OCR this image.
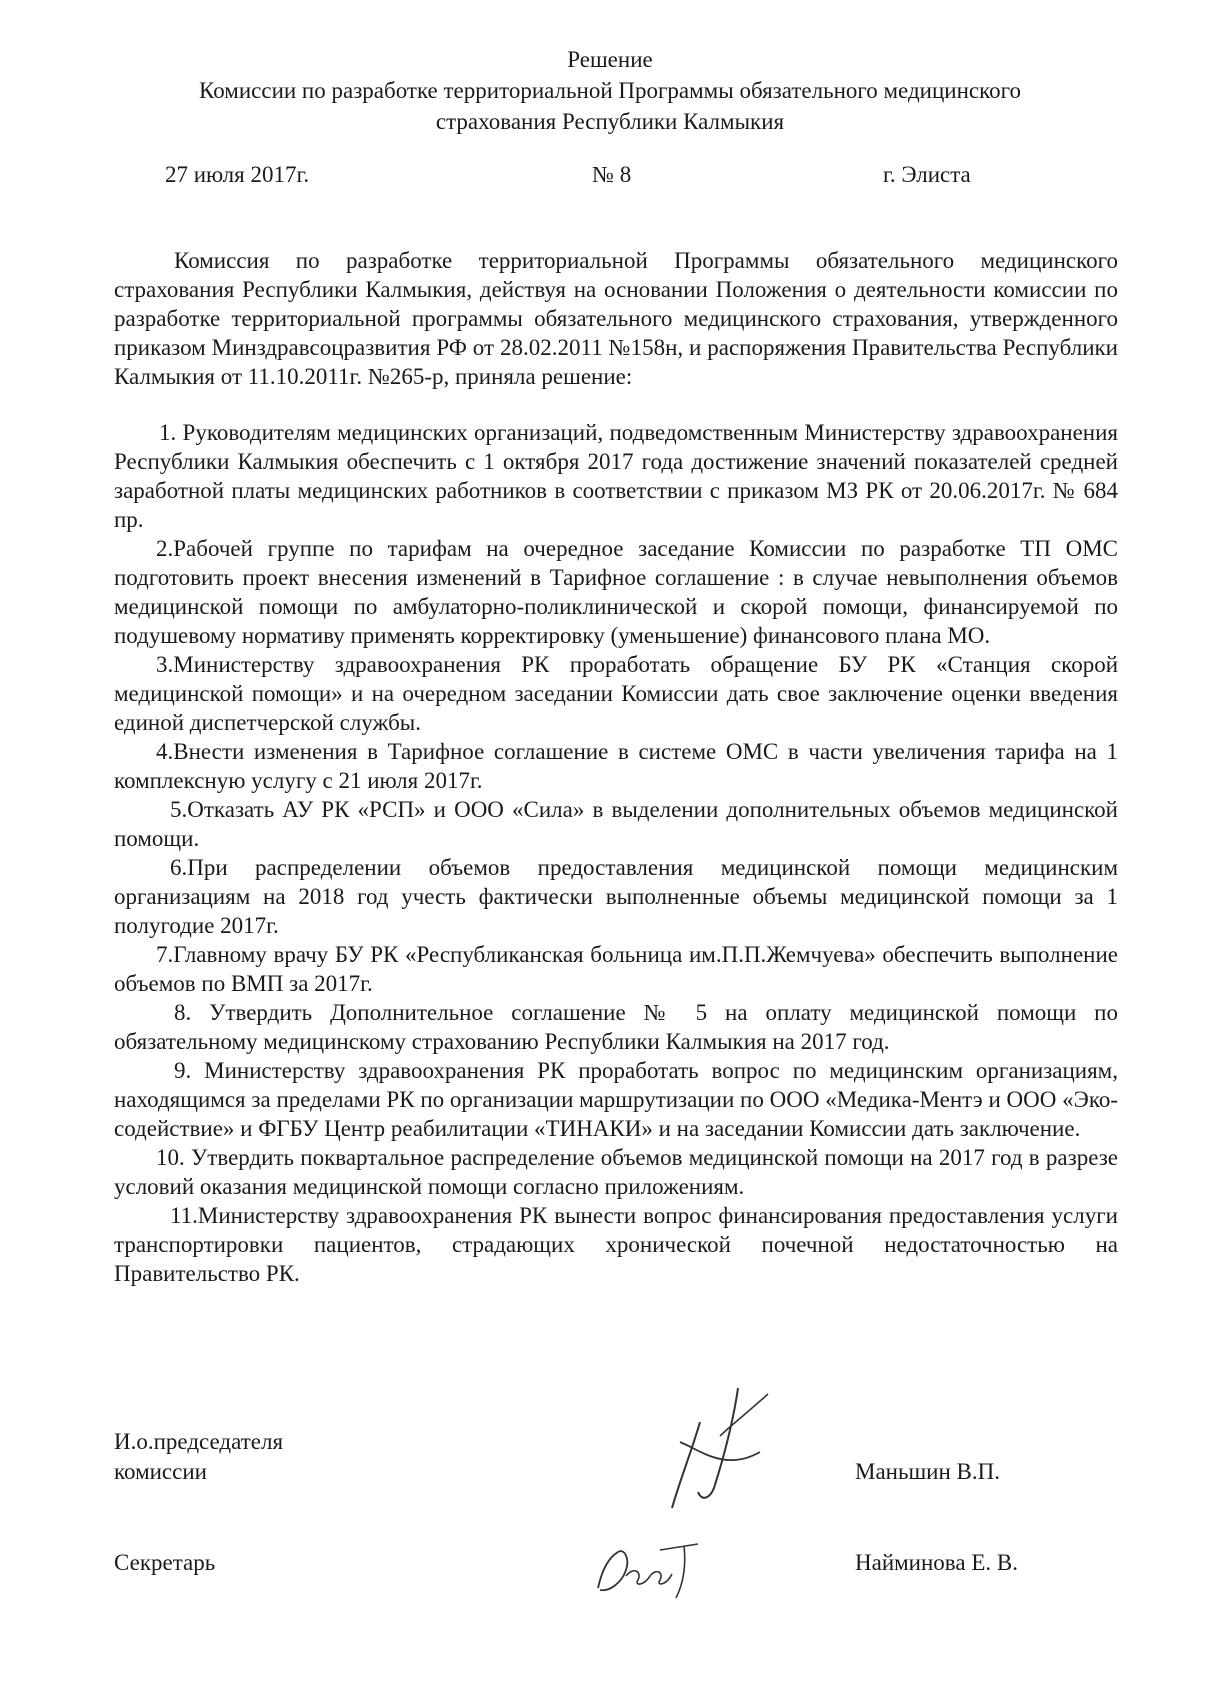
Решение
Комиссии по разработке территориальной Программы обязательного медицинского
страхования Республики Калмыкия
27 июля 2017г.	№ 8	г. Элиста
Комиссия по разработке территориальной Программы обязательного медицинского страхования Республики Калмыкия, действуя на основании Положения о деятельности комиссии по разработке территориальной программы обязательного медицинского страхования, утвержденного приказом Минздравсоцразвития РФ от 28.02.2011 №158н, и распоряжения Правительства Республики Калмыкия от 11.10.2011г. №265-р, приняла решение:

1. Руководителям медицинских организаций, подведомственным Министерству здравоохранения Республики Калмыкия обеспечить с 1 октября 2017 года достижение значений показателей средней заработной платы медицинских работников в соответствии с приказом МЗ РК от 20.06.2017г. № 684 пр.

2.Рабочей группе по тарифам на очередное заседание Комиссии по разработке ТП ОМС подготовить проект внесения изменений в Тарифное соглашение : в случае невыполнения объемов медицинской помощи по амбулаторно-поликлинической и скорой помощи, финансируемой по подушевому нормативу применять корректировку (уменьшение) финансового плана МО.

3.Министерству здравоохранения РК проработать обращение БУ РК «Станция скорой медицинской помощи» и на очередном заседании Комиссии дать свое заключение оценки введения единой диспетчерской службы.

4.Внести изменения в Тарифное соглашение в системе ОМС в части увеличения тарифа на 1 комплексную услугу с 21 июля 2017г.

5.Отказать АУ РК «РСП» и ООО «Сила» в выделении дополнительных объемов медицинской помощи.

6.При распределении объемов предоставления медицинской помощи медицинским организациям на 2018 год учесть фактически выполненные объемы медицинской помощи за 1 полугодие 2017г.

7.Главному врачу БУ РК «Республиканская больница им.П.П.Жемчуева» обеспечить выполнение объемов по ВМП за 2017г.

8. Утвердить Дополнительное соглашение № 5 на оплату медицинской помощи по обязательному медицинскому страхованию Республики Калмыкия на 2017 год.

9. Министерству здравоохранения РК проработать вопрос по медицинским организациям, находящимся за пределами РК по организации маршрутизации по ООО «Медика-Ментэ и ООО «Эко-содействие» и ФГБУ Центр реабилитации «ТИНАКИ» и на заседании Комиссии дать заключение.

10. Утвердить поквартальное распределение объемов медицинской помощи на 2017 год в разрезе условий оказания медицинской помощи согласно приложениям.

11.Министерству здравоохранения РК вынести вопрос финансирования предоставления услуги транспортировки пациентов, страдающих хронической почечной недостаточностью на Правительство РК.

И.о.председателя
комиссии	Маньшин В.П.
Секретарь	Найминова Е. В.
